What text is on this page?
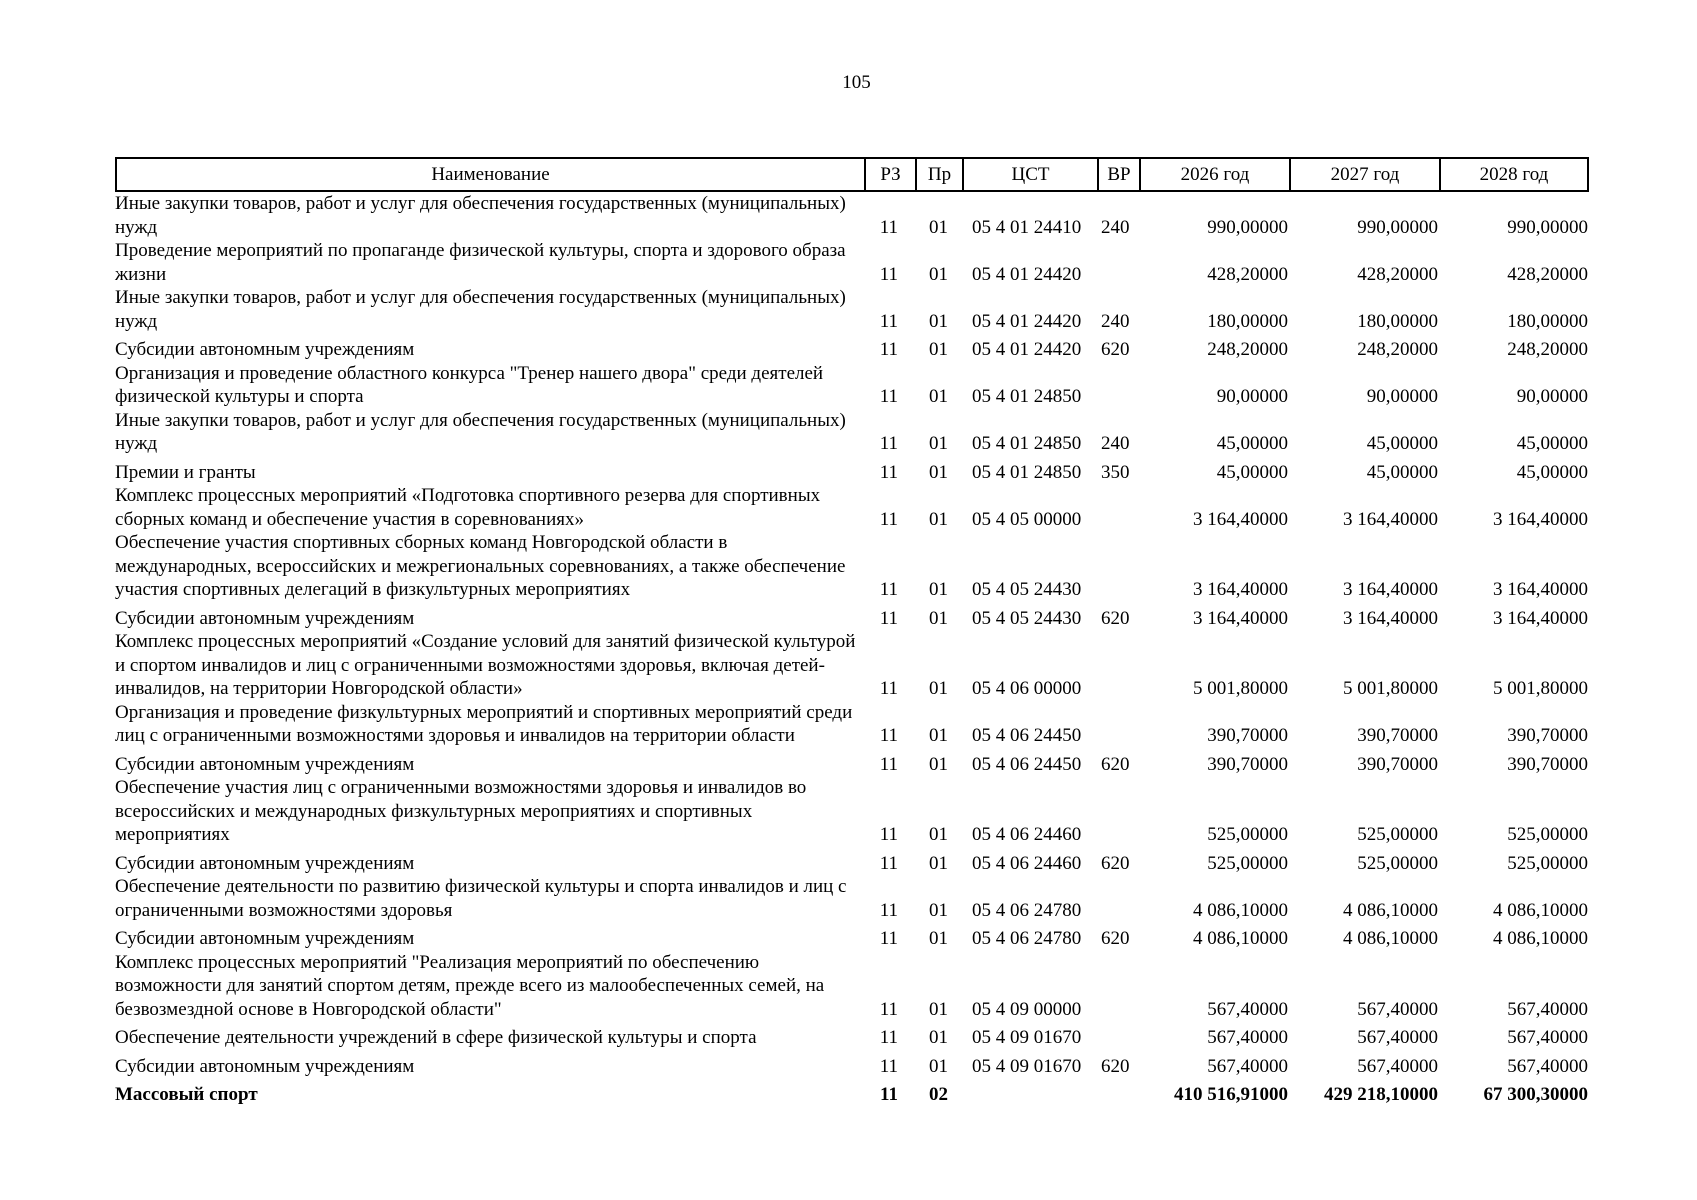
105
Наименование	РЗ	Пр	ЦСТ	ВР	2026 год	2027 год	2028 год
Иные закупки товаров, работ и услуг для обеспечения государственных (муниципальных) нужд	11	01	05 4 01 24410	240	990,00000	990,00000	990,00000
Проведение мероприятий по пропаганде физической культуры, спорта и здорового образа жизни	11	01	05 4 01 24420		428,20000	428,20000	428,20000
Иные закупки товаров, работ и услуг для обеспечения государственных (муниципальных) нужд	11	01	05 4 01 24420	240	180,00000	180,00000	180,00000
Субсидии автономным учреждениям	11	01	05 4 01 24420	620	248,20000	248,20000	248,20000
Организация и проведение областного конкурса "Тренер нашего двора" среди деятелей физической культуры и спорта	11	01	05 4 01 24850		90,00000	90,00000	90,00000
Иные закупки товаров, работ и услуг для обеспечения государственных (муниципальных) нужд	11	01	05 4 01 24850	240	45,00000	45,00000	45,00000
Премии и гранты	11	01	05 4 01 24850	350	45,00000	45,00000	45,00000
Комплекс процессных мероприятий «Подготовка спортивного резерва для спортивных сборных команд и обеспечение участия в соревнованиях»	11	01	05 4 05 00000		3 164,40000	3 164,40000	3 164,40000
Обеспечение участия спортивных сборных команд Новгородской области в международных, всероссийских и межрегиональных соревнованиях, а также обеспечение участия спортивных делегаций в физкультурных мероприятиях	11	01	05 4 05 24430		3 164,40000	3 164,40000	3 164,40000
Субсидии автономным учреждениям	11	01	05 4 05 24430	620	3 164,40000	3 164,40000	3 164,40000
Комплекс процессных мероприятий «Создание условий для занятий физической культурой и спортом инвалидов и лиц с ограниченными возможностями здоровья, включая детей-инвалидов, на территории Новгородской области»	11	01	05 4 06 00000		5 001,80000	5 001,80000	5 001,80000
Организация и проведение физкультурных мероприятий и спортивных мероприятий среди лиц с ограниченными возможностями здоровья и инвалидов на территории области	11	01	05 4 06 24450		390,70000	390,70000	390,70000
Субсидии автономным учреждениям	11	01	05 4 06 24450	620	390,70000	390,70000	390,70000
Обеспечение участия лиц с ограниченными возможностями здоровья и инвалидов во всероссийских и международных физкультурных мероприятиях и спортивных мероприятиях	11	01	05 4 06 24460		525,00000	525,00000	525,00000
Субсидии автономным учреждениям	11	01	05 4 06 24460	620	525,00000	525,00000	525,00000
Обеспечение деятельности по развитию физической культуры и спорта инвалидов и лиц с ограниченными возможностями здоровья	11	01	05 4 06 24780		4 086,10000	4 086,10000	4 086,10000
Субсидии автономным учреждениям	11	01	05 4 06 24780	620	4 086,10000	4 086,10000	4 086,10000
Комплекс процессных мероприятий "Реализация мероприятий по обеспечению возможности для занятий спортом детям, прежде всего из малообеспеченных семей, на безвозмездной основе в Новгородской области"	11	01	05 4 09 00000		567,40000	567,40000	567,40000
Обеспечение деятельности учреждений в сфере физической культуры и спорта	11	01	05 4 09 01670		567,40000	567,40000	567,40000
Субсидии автономным учреждениям	11	01	05 4 09 01670	620	567,40000	567,40000	567,40000
Массовый спорт	11	02			410 516,91000	429 218,10000	67 300,30000
